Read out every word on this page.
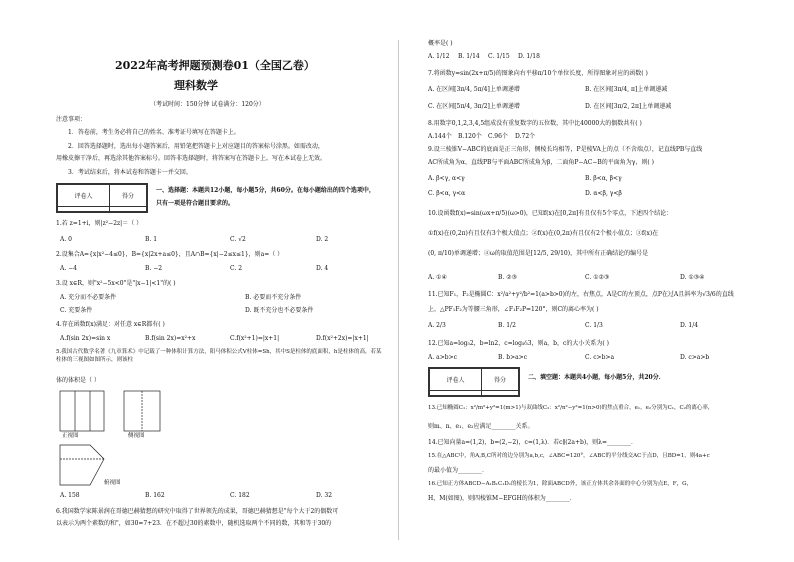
2022年高考押题预测卷01（全国乙卷）
理科数学
（考试时间：150分钟 试卷满分：120分）
注意事项：
1．答卷前，考生务必将自己的姓名、准考证号填写在答题卡上。
2．回答选择题时，选出每小题答案后，用铅笔把答题卡上对应题目的答案标号涂黑。如需改动，
用橡皮擦干净后，再选涂其他答案标号。回答非选择题时，将答案写在答题卡上。写在本试卷上无效。
3．考试结束后，将本试卷和答题卡一并交回。
评卷人	得分

一、选择题：本题共12小题，每小题5分，共60分。在每小题给出的四个选项中，
只有一项是符合题目要求的。
1.若 z=1+i，则|z²−2z|＝（ ）
A. 0	B. 1	C. √2	D. 2
2.设集合A={x|x²−4≤0}，B={x|2x+a≤0}，且A∩B={x|−2≤x≤1}，则a=（ ）
A. −4	B. −2	C. 2	D. 4
3.设 x∈R，则"x²−5x<0"是"|x−1|<1"的( )
A. 充分而不必要条件	B. 必要而不充分条件
C. 充要条件	D. 既不充分也不必要条件
4.存在函数f(x)满足：对任意 x∈R都有( )
A.f(sin 2x)=sin x	B.f(sin 2x)=x²+x	C.f(x²+1)=|x+1|	D.f(x²+2x)=|x+1|
5.我国古代数学名著《九章算术》中记载了一种体积计算方法，阳马体积公式V柱体=Sh，其中S是柱体的底面积，h是柱体的高，若某柱体的三视图如图所示，则该柱
体的体积是（ ）
正视图	侧视图
俯视图
A. 158	B. 162	C. 182	D. 32
6.我国数学家陈景润在哥德巴赫猜想的研究中取得了世界领先的成果，哥德巴赫猜想是"每个大于2的偶数可
以表示为两个素数的和"，如30=7+23．在不超过30的素数中，随机选取两个不同的数，其和等于30的
概率是( )
A. 1/12 B. 1/14 C. 1/15 D. 1/18
7.将函数y=sin(2x+π/5)的图象向右平移π/10个单位长度，所得图象对应的函数( )
A. 在区间[3π/4, 5π/4]上单调递增	B. 在区间[3π/4, π]上单调递减
C. 在区间[5π/4, 3π/2]上单调递增	D. 在区间[3π/2, 2π]上单调递减
8.用数字0,1,2,3,4,5组成没有重复数字的五位数，其中比40000大的偶数共有( )
A.144个 B.120个 C.96个 D.72个
9.设三棱锥V−ABC的底面是正三角形，侧棱长均相等，P是棱VA上的点（不含端点），记直线PB与直线
AC所成角为α，直线PB与平面ABC所成角为β，二面角P−AC−B的平面角为γ，则( )
A. β<γ, α<γ	B. β<α, β<γ
C. β<α, γ<α	D. α<β, γ<β
10.设函数f(x)=sin(ωx+π/5)(ω>0)，已知f(x)在[0,2π]有且仅有5个零点，下述四个结论：
①f(x)在(0,2π)有且仅有3个极大值点；②f(x)在(0,2π)有且仅有2个极小值点；③f(x)在
(0, π/10)单调递增；④ω的取值范围是[12/5, 29/10)，其中所有正确结论的编号是
A. ①④	B. ②③	C. ①②③	D. ①③④
11.已知F₁，F₂是椭圆C：x²/a²+y²/b²=1(a>b>0)的左，右焦点，A是C的左顶点，点P在过A且斜率为√3/6的直线
上，△PF₁F₂为等腰三角形，∠F₁F₂P=120°，则C的离心率为( )
A. 2/3	B. 1/2	C. 1/3	D. 1/4
12.已知a=log₅2，b=ln2，c=log₅⁄₃3，则a，b，c的大小关系为( )
A. a>b>c	B. b>a>c	C. c>b>a	D. c>a>b
评卷人	得分
		二、填空题：本题共4小题，每小题5分，共20分．
13.已知椭圆C₁：x²/m²+y²=1(m>1)与双曲线C₂：x²/n²−y²=1(n>0)的焦点重合，e₁，e₂分别为C₁，C₂的离心率，
则m、n、e₁、e₂应满足________关系。
14.已知向量a=(1,2)，b=(2,−2)，c=(1,λ)．若c∥(2a+b)，则λ=________．
15.在△ABC中，角A,B,C所对的边分别为a,b,c，∠ABC=120°，∠ABC的平分线交AC于点D，且BD=1，则4a+c
的最小值为________．
16.已知正方体ABCD−A₁B₁C₁D₁的棱长为1，除面ABCD外，该正方体其余各面的中心分别为点E，F，G，
H，M(如图)，则四棱锥M−EFGH的体积为________．
